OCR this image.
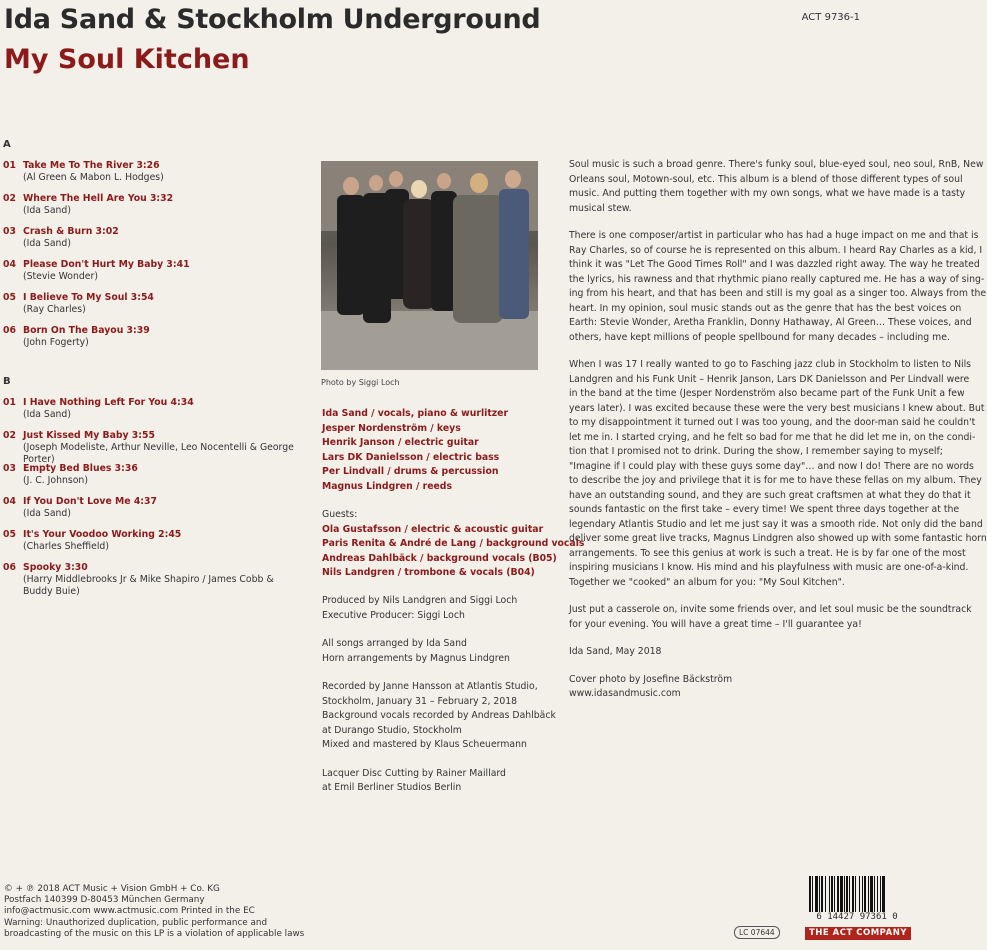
Ida Sand & Stockholm Underground
My Soul Kitchen
ACT 9736-1
A
01 Take Me To The River 3:26
(Al Green & Mabon L. Hodges)
02 Where The Hell Are You 3:32
(Ida Sand)
03 Crash & Burn 3:02
(Ida Sand)
04 Please Don't Hurt My Baby 3:41
(Stevie Wonder)
05 I Believe To My Soul 3:54
(Ray Charles)
06 Born On The Bayou 3:39
(John Fogerty)
B
01 I Have Nothing Left For You 4:34
(Ida Sand)
02 Just Kissed My Baby 3:55
(Joseph Modeliste, Arthur Neville, Leo Nocentelli & George Porter)
03 Empty Bed Blues 3:36
(J. C. Johnson)
04 If You Don't Love Me 4:37
(Ida Sand)
05 It's Your Voodoo Working 2:45
(Charles Sheffield)
06 Spooky 3:30
(Harry Middlebrooks Jr & Mike Shapiro / James Cobb & Buddy Buie)
Photo by Siggi Loch
Ida Sand / vocals, piano & wurlitzer
Jesper Nordenström / keys
Henrik Janson / electric guitar
Lars DK Danielsson / electric bass
Per Lindvall / drums & percussion
Magnus Lindgren / reeds
Guests:
Ola Gustafsson / electric & acoustic guitar
Paris Renita & André de Lang / background vocals
Andreas Dahlbäck / background vocals (B05)
Nils Landgren / trombone & vocals (B04)
Produced by Nils Landgren and Siggi Loch
Executive Producer: Siggi Loch
All songs arranged by Ida Sand
Horn arrangements by Magnus Lindgren
Recorded by Janne Hansson at Atlantis Studio,
Stockholm, January 31 – February 2, 2018
Background vocals recorded by Andreas Dahlbäck
at Durango Studio, Stockholm
Mixed and mastered by Klaus Scheuermann
Lacquer Disc Cutting by Rainer Maillard
at Emil Berliner Studios Berlin

Soul music is such a broad genre. There's funky soul, blue-eyed soul, neo soul, RnB, New
Orleans soul, Motown-soul, etc. This album is a blend of those different types of soul
music. And putting them together with my own songs, what we have made is a tasty
musical stew.

There is one composer/artist in particular who has had a huge impact on me and that is
Ray Charles, so of course he is represented on this album. I heard Ray Charles as a kid, I
think it was "Let The Good Times Roll" and I was dazzled right away. The way he treated
the lyrics, his rawness and that rhythmic piano really captured me. He has a way of sing-
ing from his heart, and that has been and still is my goal as a singer too. Always from the
heart. In my opinion, soul music stands out as the genre that has the best voices on
Earth: Stevie Wonder, Aretha Franklin, Donny Hathaway, Al Green… These voices, and
others, have kept millions of people spellbound for many decades – including me.

When I was 17 I really wanted to go to Fasching jazz club in Stockholm to listen to Nils
Landgren and his Funk Unit – Henrik Janson, Lars DK Danielsson and Per Lindvall were
in the band at the time (Jesper Nordenström also became part of the Funk Unit a few
years later). I was excited because these were the very best musicians I knew about. But
to my disappointment it turned out I was too young, and the door-man said he couldn't
let me in. I started crying, and he felt so bad for me that he did let me in, on the condi-
tion that I promised not to drink. During the show, I remember saying to myself;
"Imagine if I could play with these guys some day"… and now I do! There are no words
to describe the joy and privilege that it is for me to have these fellas on my album. They
have an outstanding sound, and they are such great craftsmen at what they do that it
sounds fantastic on the first take – every time! We spent three days together at the
legendary Atlantis Studio and let me just say it was a smooth ride. Not only did the band
deliver some great live tracks, Magnus Lindgren also showed up with some fantastic horn
arrangements. To see this genius at work is such a treat. He is by far one of the most
inspiring musicians I know. His mind and his playfulness with music are one-of-a-kind.
Together we "cooked" an album for you: "My Soul Kitchen".

Just put a casserole on, invite some friends over, and let soul music be the soundtrack
for your evening. You will have a great time – I'll guarantee ya!

Ida Sand, May 2018

Cover photo by Josefine Bäckström
www.idasandmusic.com

© + ℗ 2018 ACT Music + Vision GmbH + Co. KG
Postfach 140399 D-80453 München Germany
info@actmusic.com www.actmusic.com Printed in the EC
Warning: Unauthorized duplication, public performance and
broadcasting of the music on this LP is a violation of applicable laws	LC 07644
6 14427 97361 0
THE ACT COMPANY
